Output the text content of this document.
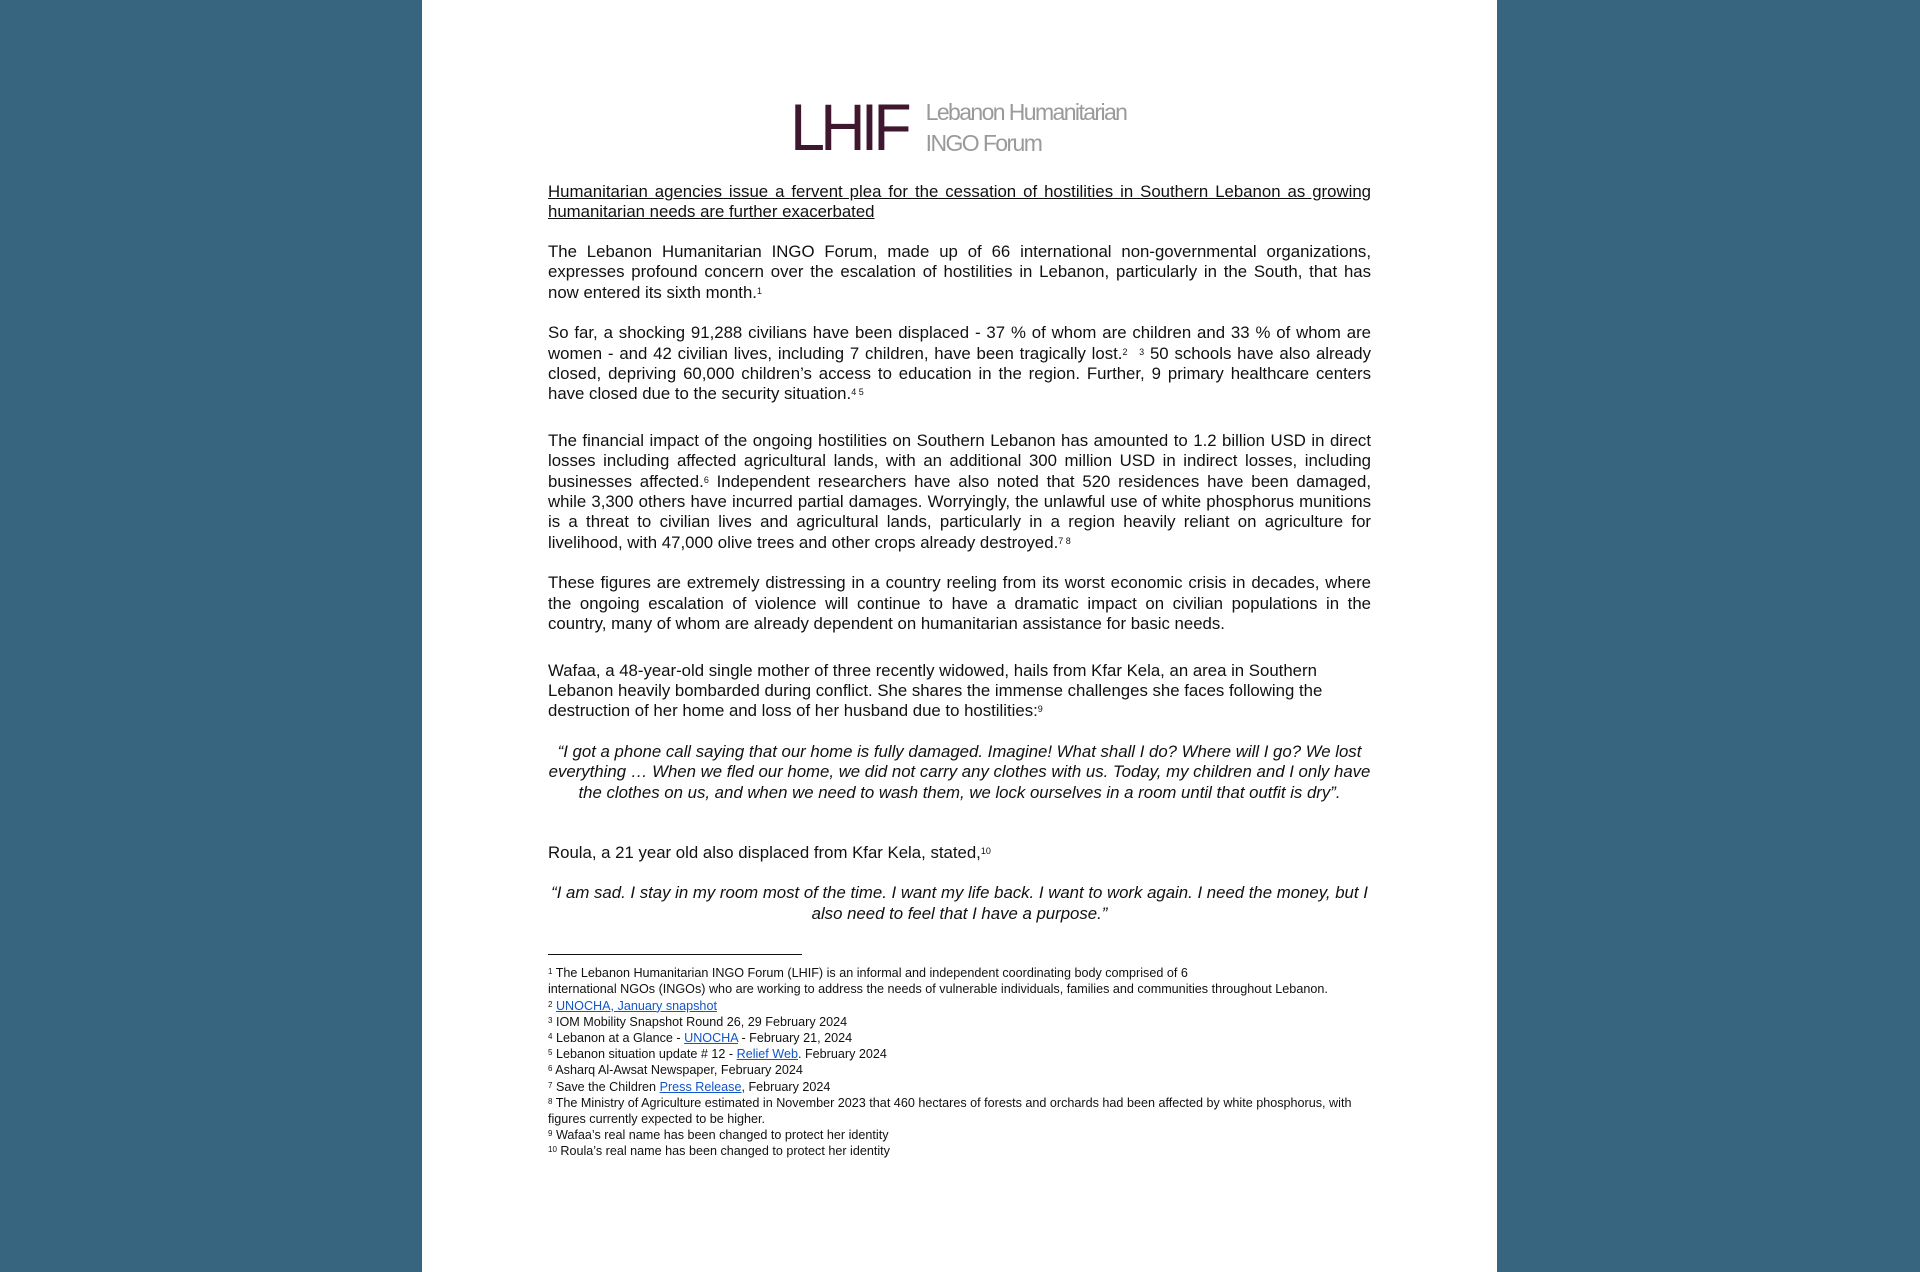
LHIF Lebanon Humanitarian
INGO Forum
Humanitarian agencies issue a fervent plea for the cessation of hostilities in Southern Lebanon as growing humanitarian needs are further exacerbated

The Lebanon Humanitarian INGO Forum, made up of 66 international non-governmental organizations, expresses profound concern over the escalation of hostilities in Lebanon, particularly in the South, that has now entered its sixth month.$^1$

So far, a shocking 91,288 civilians have been displaced - 37 % of whom are children and 33 % of whom are women - and 42 civilian lives, including 7 children, have been tragically lost.$^2$ $^3$ 50 schools have also already closed, depriving 60,000 children’s access to education in the region. Further, 9 primary healthcare centers have closed due to the security situation.$^{4 5}$

The financial impact of the ongoing hostilities on Southern Lebanon has amounted to 1.2 billion USD in direct losses including affected agricultural lands, with an additional 300 million USD in indirect losses, including businesses affected.$^6$ Independent researchers have also noted that 520 residences have been damaged, while 3,300 others have incurred partial damages. Worryingly, the unlawful use of white phosphorus munitions is a threat to civilian lives and agricultural lands, particularly in a region heavily reliant on agriculture for livelihood, with 47,000 olive trees and other crops already destroyed.$^{7 8}$

These figures are extremely distressing in a country reeling from its worst economic crisis in decades, where the ongoing escalation of violence will continue to have a dramatic impact on civilian populations in the country, many of whom are already dependent on humanitarian assistance for basic needs.

Wafaa, a 48-year-old single mother of three recently widowed, hails from Kfar Kela, an area in Southern Lebanon heavily bombarded during conflict. She shares the immense challenges she faces following the destruction of her home and loss of her husband due to hostilities:$^9$

“I got a phone call saying that our home is fully damaged. Imagine! What shall I do? Where will I go? We lost everything … When we fled our home, we did not carry any clothes with us. Today, my children and I only have the clothes on us, and when we need to wash them, we lock ourselves in a room until that outfit is dry”.

Roula, a 21 year old also displaced from Kfar Kela, stated,$^{10}$

“I am sad. I stay in my room most of the time. I want my life back. I want to work again. I need the money, but I also need to feel that I have a purpose.”

$^1$ The Lebanon Humanitarian INGO Forum (LHIF) is an informal and independent coordinating body comprised of 6
international NGOs (INGOs) who are working to address the needs of vulnerable individuals, families and communities throughout Lebanon.

$^2$ UNOCHA, January snapshot

$^3$ IOM Mobility Snapshot Round 26, 29 February 2024

$^4$ Lebanon at a Glance - UNOCHA - February 21, 2024

$^5$ Lebanon situation update # 12 - Relief Web. February 2024

$^6$ Asharq Al-Awsat Newspaper, February 2024

$^7$ Save the Children Press Release, February 2024

$^8$ The Ministry of Agriculture estimated in November 2023 that 460 hectares of forests and orchards had been affected by white phosphorus, with figures currently expected to be higher.

$^9$ Wafaa’s real name has been changed to protect her identity

$^{10}$ Roula’s real name has been changed to protect her identity
